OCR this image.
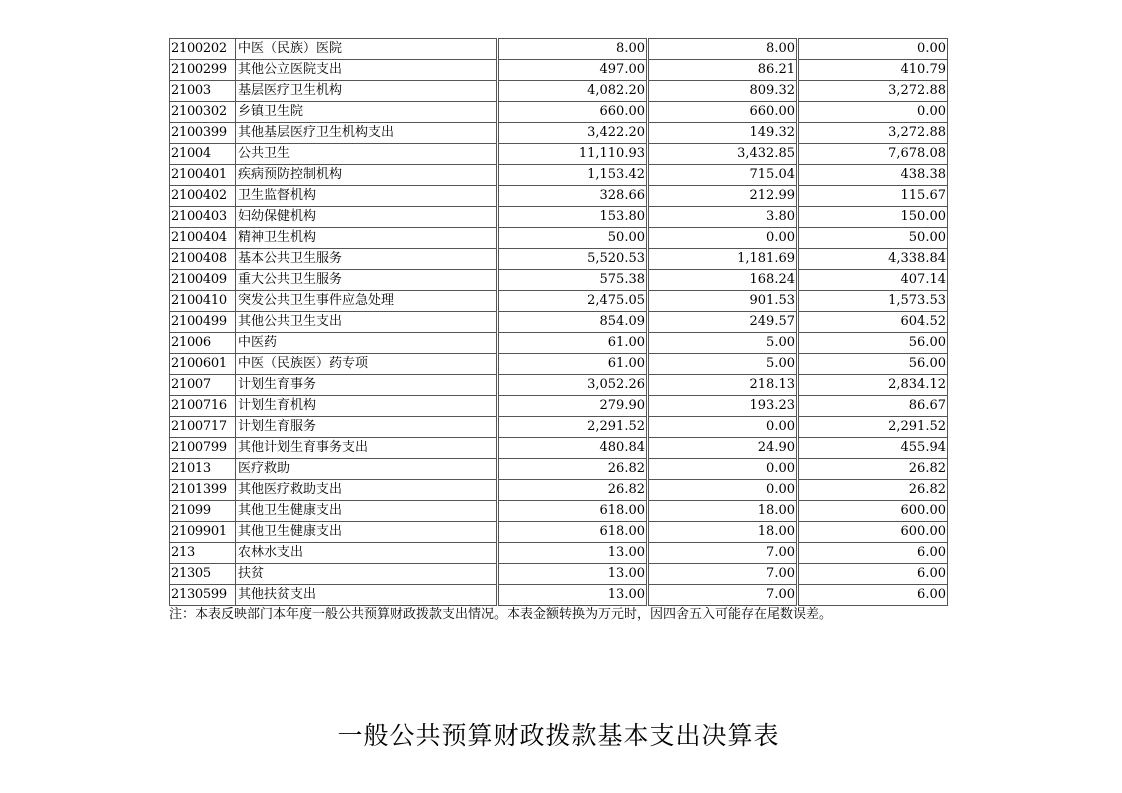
2100202	中医（民族）医院	8.00	8.00	0.00
2100299	其他公立医院支出	497.00	86.21	410.79
21003	基层医疗卫生机构	4,082.20	809.32	3,272.88
2100302	乡镇卫生院	660.00	660.00	0.00
2100399	其他基层医疗卫生机构支出	3,422.20	149.32	3,272.88
21004	公共卫生	11,110.93	3,432.85	7,678.08
2100401	疾病预防控制机构	1,153.42	715.04	438.38
2100402	卫生监督机构	328.66	212.99	115.67
2100403	妇幼保健机构	153.80	3.80	150.00
2100404	精神卫生机构	50.00	0.00	50.00
2100408	基本公共卫生服务	5,520.53	1,181.69	4,338.84
2100409	重大公共卫生服务	575.38	168.24	407.14
2100410	突发公共卫生事件应急处理	2,475.05	901.53	1,573.53
2100499	其他公共卫生支出	854.09	249.57	604.52
21006	中医药	61.00	5.00	56.00
2100601	中医（民族医）药专项	61.00	5.00	56.00
21007	计划生育事务	3,052.26	218.13	2,834.12
2100716	计划生育机构	279.90	193.23	86.67
2100717	计划生育服务	2,291.52	0.00	2,291.52
2100799	其他计划生育事务支出	480.84	24.90	455.94
21013	医疗救助	26.82	0.00	26.82
2101399	其他医疗救助支出	26.82	0.00	26.82
21099	其他卫生健康支出	618.00	18.00	600.00
2109901	其他卫生健康支出	618.00	18.00	600.00
213	农林水支出	13.00	7.00	6.00
21305	扶贫	13.00	7.00	6.00
2130599	其他扶贫支出	13.00	7.00	6.00
注：本表反映部门本年度一般公共预算财政拨款支出情况。本表金额转换为万元时，因四舍五入可能存在尾数误差。
一般公共预算财政拨款基本支出决算表
